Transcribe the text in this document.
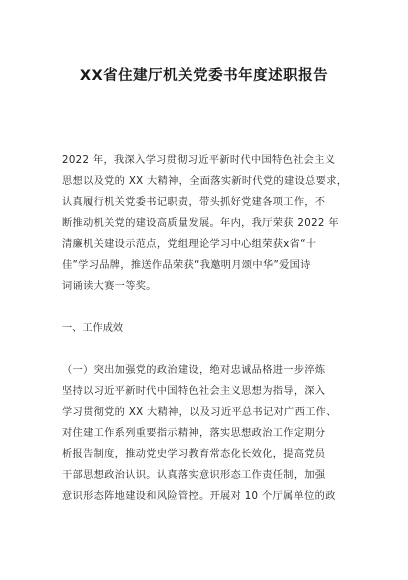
XX省住建厅机关党委书年度述职报告
2022 年，我深入学习贯彻习近平新时代中国特色社会主义
思想以及党的 XX 大精神，全面落实新时代党的建设总要求，
认真履行机关党委书记职责，带头抓好党建各项工作，不
断推动机关党的建设高质量发展。年内，我厅荣获 2022 年
清廉机关建设示范点，党组理论学习中心组荣获x省“十
佳”学习品牌，推送作品荣获“我邀明月颂中华”爱国诗
词诵读大赛一等奖。
一、工作成效
（一）突出加强党的政治建设，绝对忠诚品格进一步淬炼
坚持以习近平新时代中国特色社会主义思想为指导，深入
学习贯彻党的 XX 大精神，以及习近平总书记对广西工作、
对住建工作系列重要指示精神，落实思想政治工作定期分
析报告制度，推动党史学习教育常态化长效化，提高党员
干部思想政治认识。认真落实意识形态工作责任制，加强
意识形态阵地建设和风险管控。开展对 10 个厅属单位的政
